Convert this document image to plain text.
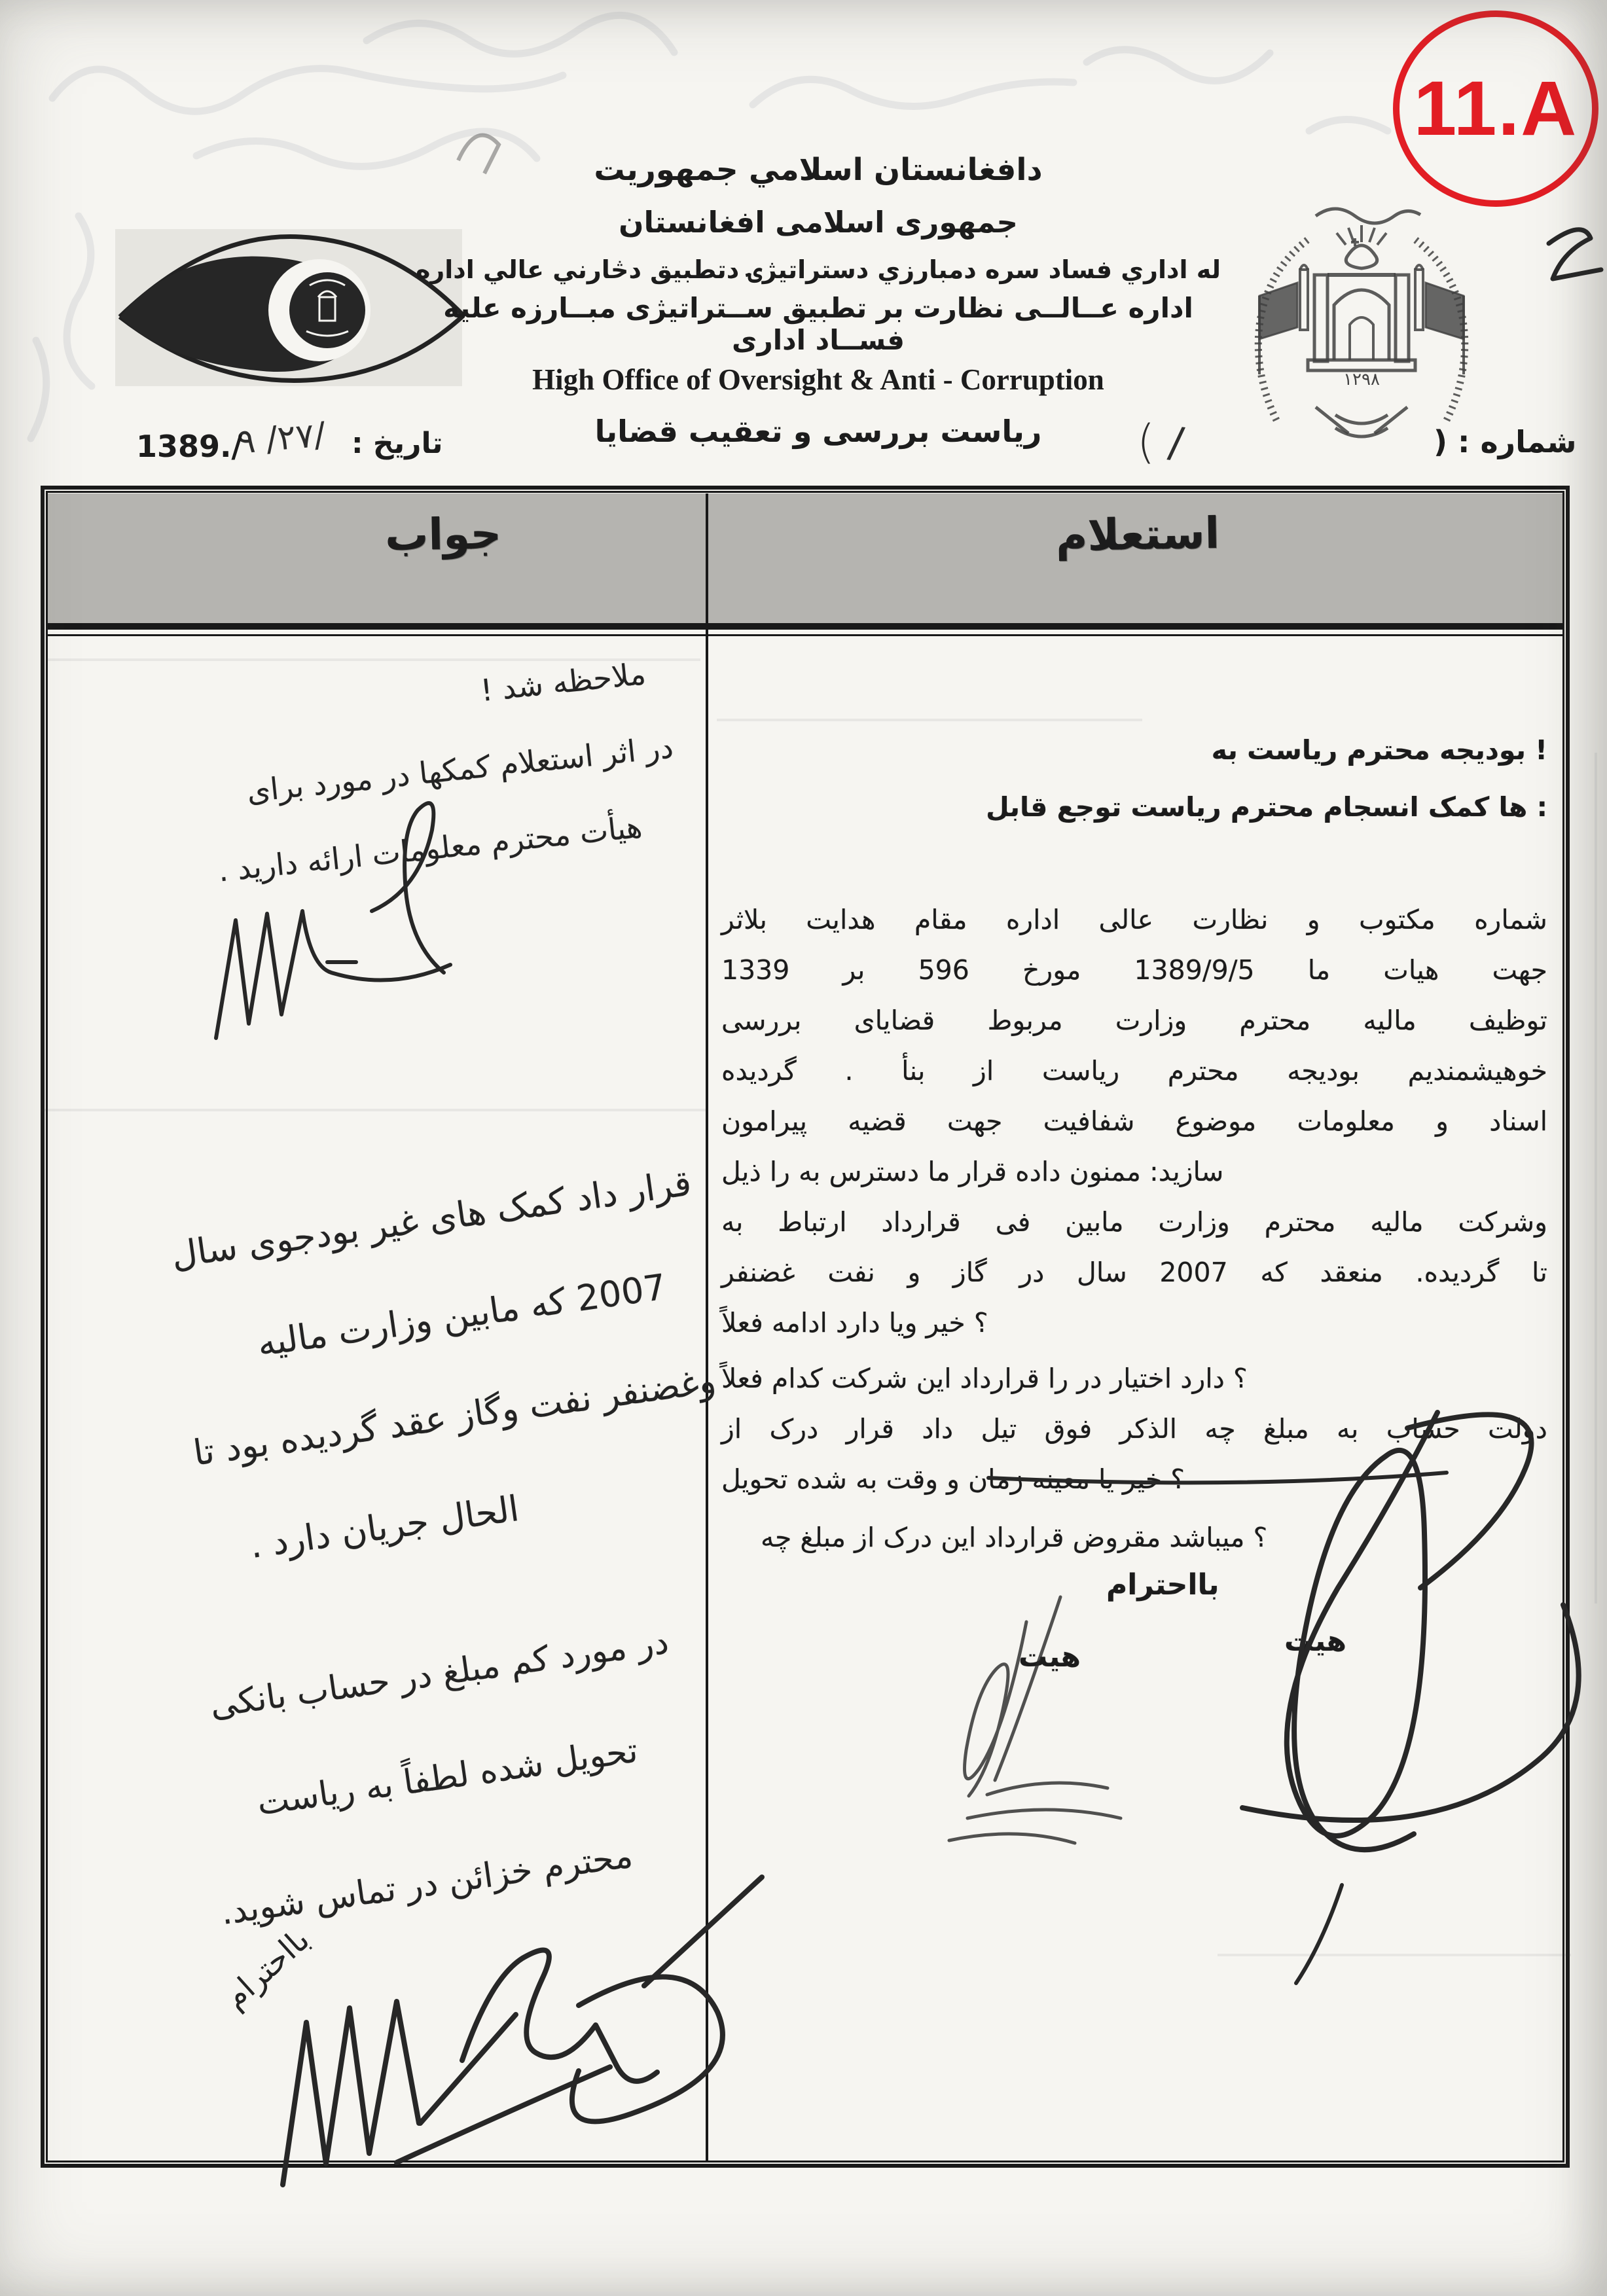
11.A
١٢٩٨
دافغانستان اسلامي جمهوريت
جمهوری اسلامی افغانستان
له اداري فساد سره دمبارزي دستراتيژۍ دتطبيق دڅارني عالي اداره
اداره عــالــی نظارت بر تطبیق ســتراتیژی مبــارزه علیه فســاد اداری
High Office of Oversight & Anti - Corruption
ریاست بررسی و تعقیب قضایا	شماره : (
( /
تاریخ :
/۲۷/ ۹
1389./
استعلام
جواب
به ریاست محترم بودیجه !
قابل توجع ریاست محترم انسجام کمک ها :
بلاثر هدایت مقام اداره عالی نظارت و مکتوب شماره
1339 بر 596 مورخ 1389/9/5 ما هیات جهت
بررسی قضایای مربوط وزارت محترم مالیه توظیف
گردیده . بنأ از ریاست محترم بودیجه خوهیشمندیم
پیرامون قضیه جهت شفافیت موضوع معلومات و اسناد
ذیل را به دسترس ما قرار داده ممنون سازید:
به ارتباط قرارداد فی مابین وزارت محترم مالیه وشرکت
غضنفر نفت و گاز در سال 2007 که منعقد گردیده. تا
فعلاً ادامه دارد ویا خیر ؟
فعلاً کدام شرکت این قرارداد را در اختیار دارد ؟
از درک قرار داد تیل فوق الذکر چه مبلغ به حساب دولت
تحویل شده به وقت و زمان معینه یا خیر ؟
چه مبلغ از درک این قرارداد مقروض میباشد ؟
بااحترام
هیت
هیت
ملاحظه شد !
در اثر استعلام کمکها در مورد برای
هیأت محترم معلومات ارائه دارید .
قرار داد کمک های غیر بودجوی سال
2007 که مابین وزارت مالیه
وغضنفر نفت وگاز عقد گردیده بود تا
الحال جریان دارد .
در مورد کم مبلغ در حساب بانکی
تحویل شده لطفاً به ریاست
محترم خزائن در تماس شوید.
بااحترام
